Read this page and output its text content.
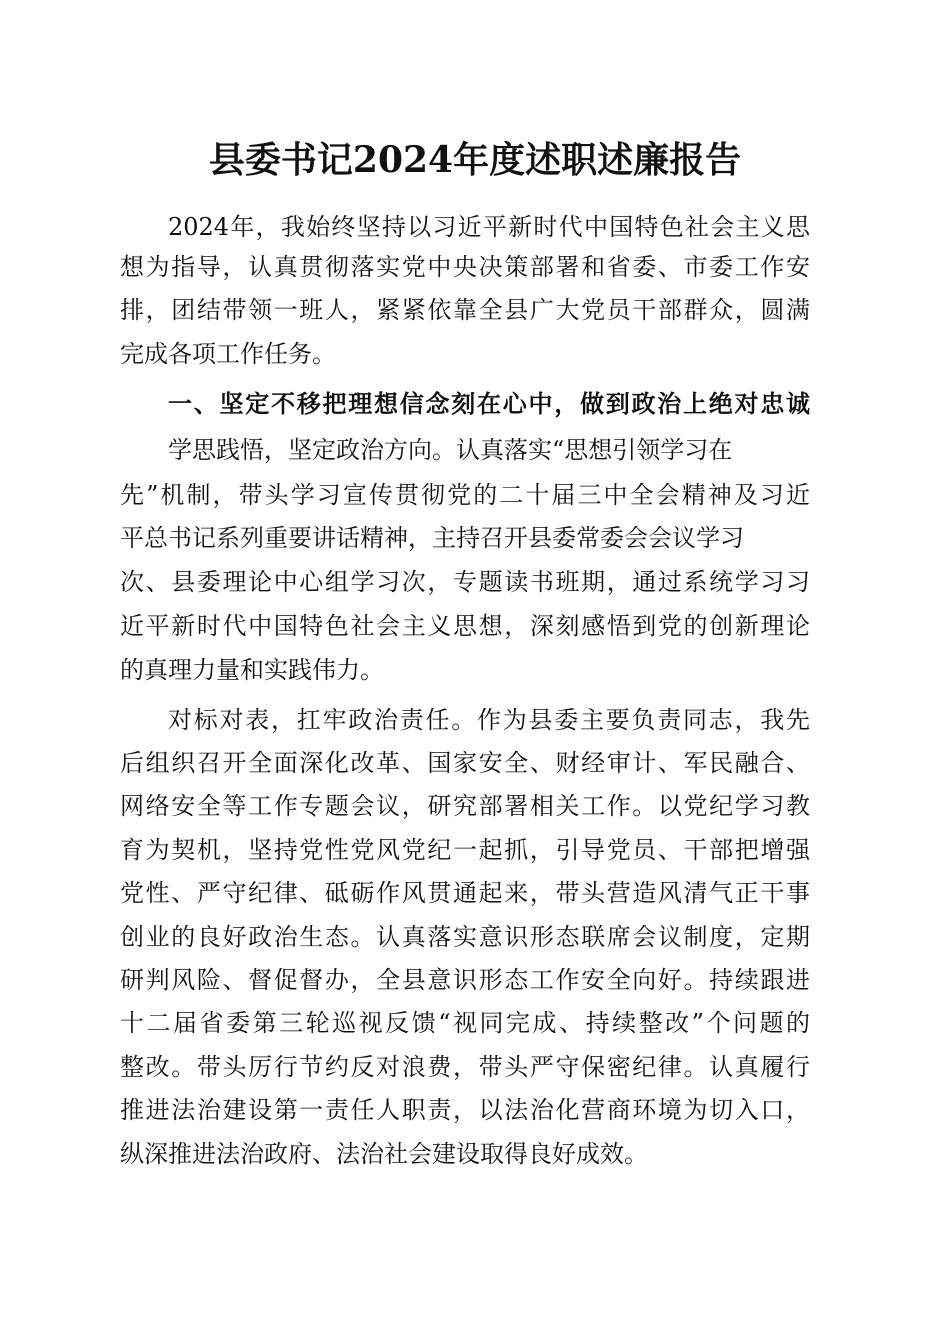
县委书记2024年度述职述廉报告

2024年，我始终坚持以习近平新时代中国特色社会主义思

想为指导，认真贯彻落实党中央决策部署和省委、市委工作安

排，团结带领一班人，紧紧依靠全县广大党员干部群众，圆满

完成各项工作任务。

一、坚定不移把理想信念刻在心中，做到政治上绝对忠诚

学思践悟，坚定政治方向。认真落实“思想引领学习在

先”机制，带头学习宣传贯彻党的二十届三中全会精神及习近

平总书记系列重要讲话精神，主持召开县委常委会会议学习

次、县委理论中心组学习次，专题读书班期，通过系统学习习

近平新时代中国特色社会主义思想，深刻感悟到党的创新理论

的真理力量和实践伟力。

对标对表，扛牢政治责任。作为县委主要负责同志，我先

后组织召开全面深化改革、国家安全、财经审计、军民融合、

网络安全等工作专题会议，研究部署相关工作。以党纪学习教

育为契机，坚持党性党风党纪一起抓，引导党员、干部把增强

党性、严守纪律、砥砺作风贯通起来，带头营造风清气正干事

创业的良好政治生态。认真落实意识形态联席会议制度，定期

研判风险、督促督办，全县意识形态工作安全向好。持续跟进

十二届省委第三轮巡视反馈“视同完成、持续整改”个问题的

整改。带头厉行节约反对浪费，带头严守保密纪律。认真履行

推进法治建设第一责任人职责，以法治化营商环境为切入口，

纵深推进法治政府、法治社会建设取得良好成效。
